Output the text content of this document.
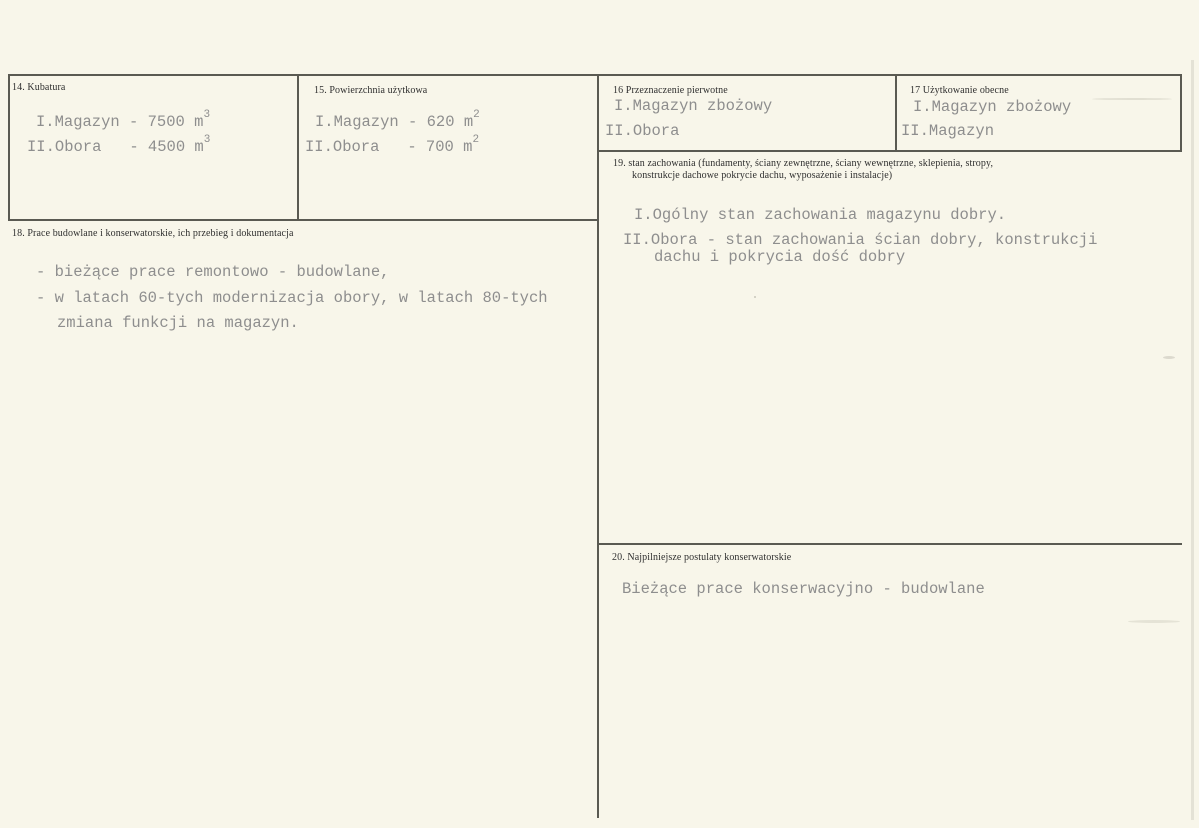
14. Kubatura
I.Magazyn - 7500 $m^3$
II.Obora   - 4500 $m^3$
15. Powierzchnia użytkowa
I.Magazyn - 620 $m^2$
II.Obora   - 700 $m^2$
16 Przeznaczenie pierwotne
I.Magazyn zbożowy
II.Obora
17 Użytkowanie obecne
I.Magazyn zbożowy
II.Magazyn
18. Prace budowlane i konserwatorskie, ich przebieg i dokumentacja
- bieżące prace remontowo - budowlane,
- w latach 60-tych modernizacja obory, w latach 80-tych
zmiana funkcji na magazyn.
19. stan zachowania (fundamenty, ściany zewnętrzne, ściany wewnętrzne, sklepienia, stropy,
konstrukcje dachowe pokrycie dachu, wyposażenie i instalacje)
I.Ogólny stan zachowania magazynu dobry.
II.Obora - stan zachowania ścian dobry, konstrukcji
dachu i pokrycia dość dobry
20. Najpilniejsze postulaty konserwatorskie
Bieżące prace konserwacyjno - budowlane
